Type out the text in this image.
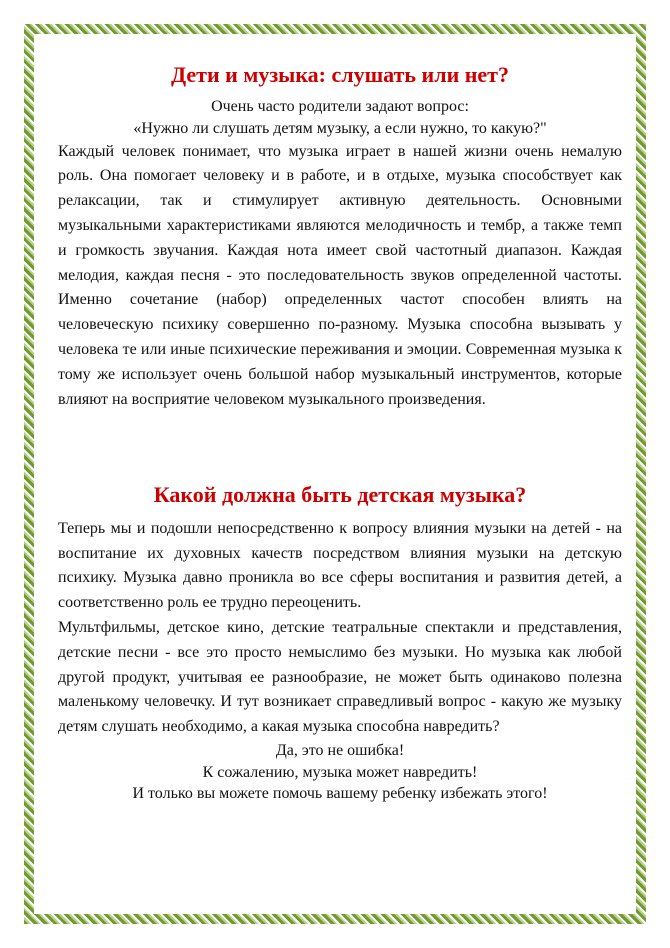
Дети и музыка: слушать или нет?

Очень часто родители задают вопрос:

«Нужно ли слушать детям музыку, а если нужно, то какую?"

Каждый человек понимает, что музыка играет в нашей жизни очень немалую роль. Она помогает человеку и в работе, и в отдыхе, музыка способствует как релаксации, так и стимулирует активную деятельность. Основными музыкальными характеристиками являются мелодичность и тембр, а также темп и громкость звучания. Каждая нота имеет свой частотный диапазон. Каждая мелодия, каждая песня - это последовательность звуков определенной частоты. Именно сочетание (набор) определенных частот способен влиять на человеческую психику совершенно по-разному. Музыка способна вызывать у человека те или иные психические переживания и эмоции. Современная музыка к тому же использует очень большой набор музыкальный инструментов, которые влияют на восприятие человеком музыкального произведения.

Какой должна быть детская музыка?

Теперь мы и подошли непосредственно к вопросу влияния музыки на детей - на воспитание их духовных качеств посредством влияния музыки на детскую психику. Музыка давно проникла во все сферы воспитания и развития детей, а соответственно роль ее трудно переоценить.

Мультфильмы, детское кино, детские театральные спектакли и представления, детские песни - все это просто немыслимо без музыки. Но музыка как любой другой продукт, учитывая ее разнообразие, не может быть одинаково полезна маленькому человечку. И тут возникает справедливый вопрос - какую же музыку детям слушать необходимо, а какая музыка способна навредить?

Да, это не ошибка!

К сожалению, музыка может навредить!

И только вы можете помочь вашему ребенку избежать этого!
